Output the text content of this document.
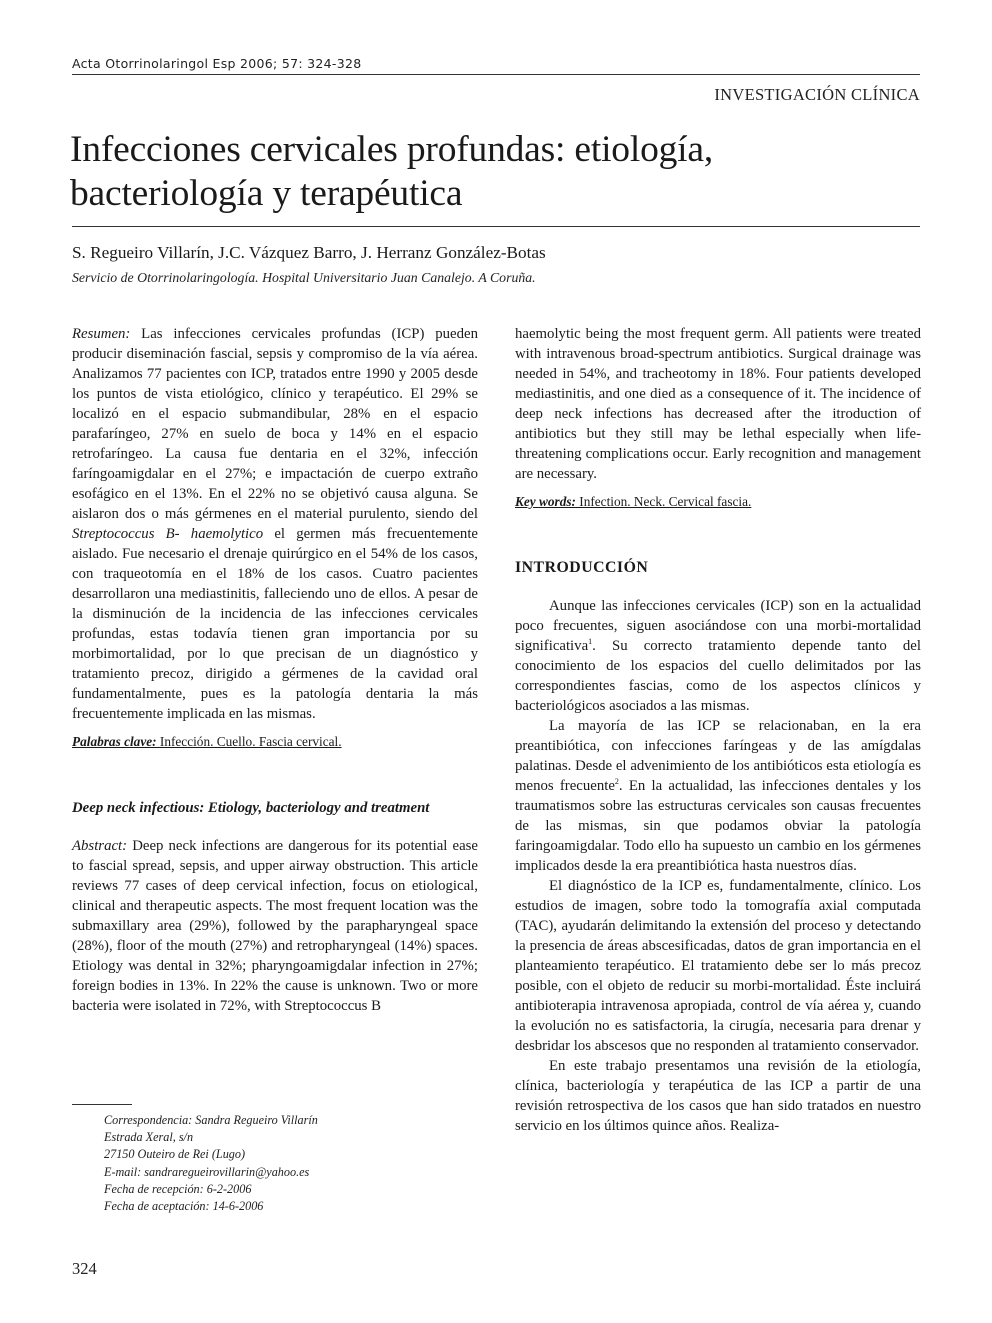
Acta Otorrinolaringol Esp 2006; 57: 324-328
INVESTIGACIÓN CLÍNICA
Infecciones cervicales profundas: etiología,
bacteriología y terapéutica
S. Regueiro Villarín, J.C. Vázquez Barro, J. Herranz González-Botas
Servicio de Otorrinolaringología. Hospital Universitario Juan Canalejo. A Coruña.

Resumen: Las infecciones cervicales profundas (ICP) pueden producir diseminación fascial, sepsis y compromiso de la vía aérea. Analizamos 77 pacientes con ICP, tratados entre 1990 y 2005 desde los puntos de vista etiológico, clínico y terapéutico. El 29% se localizó en el espacio submandibular, 28% en el espacio parafaríngeo, 27% en suelo de boca y 14% en el espacio retrofaríngeo. La causa fue dentaria en el 32%, infección faríngoamigdalar en el 27%; e impactación de cuerpo extraño esofágico en el 13%. En el 22% no se objetivó causa alguna. Se aislaron dos o más gérmenes en el material purulento, siendo del Streptococcus B- haemolytico el germen más frecuentemente aislado. Fue necesario el drenaje quirúrgico en el 54% de los casos, con traqueotomía en el 18% de los casos. Cuatro pacientes desarrollaron una mediastinitis, falleciendo uno de ellos. A pesar de la disminución de la incidencia de las infecciones cervicales profundas, estas todavía tienen gran importancia por su morbimortalidad, por lo que precisan de un diagnóstico y tratamiento precoz, dirigido a gérmenes de la cavidad oral fundamentalmente, pues es la patología dentaria la más frecuentemente implicada en las mismas.

Palabras clave: Infección. Cuello. Fascia cervical.

Deep neck infectious: Etiology, bacteriology and treatment

Abstract: Deep neck infections are dangerous for its potential ease to fascial spread, sepsis, and upper airway obstruction. This article reviews 77 cases of deep cervical infection, focus on etiological, clinical and therapeutic aspects. The most frequent location was the submaxillary area (29%), followed by the parapharyngeal space (28%), floor of the mouth (27%) and retropharyngeal (14%) spaces. Etiology was dental in 32%; pharyngoamigdalar infection in 27%; foreign bodies in 13%. In 22% the cause is unknown. Two or more bacteria were isolated in 72%, with Streptococcus B

haemolytic being the most frequent germ. All patients were treated with intravenous broad-spectrum antibiotics. Surgical drainage was needed in 54%, and tracheotomy in 18%. Four patients developed mediastinitis, and one died as a consequence of it. The incidence of deep neck infections has decreased after the itroduction of antibiotics but they still may be lethal especially when life-threatening complications occur. Early recognition and management are necessary.

Key words: Infection. Neck. Cervical fascia.

INTRODUCCIÓN

Aunque las infecciones cervicales (ICP) son en la actualidad poco frecuentes, siguen asociándose con una morbi-mortalidad significativa$^1$. Su correcto tratamiento depende tanto del conocimiento de los espacios del cuello delimitados por las correspondientes fascias, como de los aspectos clínicos y bacteriológicos asociados a las mismas.

La mayoría de las ICP se relacionaban, en la era preantibiótica, con infecciones faríngeas y de las amígdalas palatinas. Desde el advenimiento de los antibióticos esta etiología es menos frecuente$^2$. En la actualidad, las infecciones dentales y los traumatismos sobre las estructuras cervicales son causas frecuentes de las mismas, sin que podamos obviar la patología faringoamigdalar. Todo ello ha supuesto un cambio en los gérmenes implicados desde la era preantibiótica hasta nuestros días.

El diagnóstico de la ICP es, fundamentalmente, clínico. Los estudios de imagen, sobre todo la tomografía axial computada (TAC), ayudarán delimitando la extensión del proceso y detectando la presencia de áreas abscesificadas, datos de gran importancia en el planteamiento terapéutico. El tratamiento debe ser lo más precoz posible, con el objeto de reducir su morbi-mortalidad. Éste incluirá antibioterapia intravenosa apropiada, control de vía aérea y, cuando la evolución no es satisfactoria, la cirugía, necesaria para drenar y desbridar los abscesos que no responden al tratamiento conservador.

En este trabajo presentamos una revisión de la etiología, clínica, bacteriología y terapéutica de las ICP a partir de una revisión retrospectiva de los casos que han sido tratados en nuestro servicio en los últimos quince años. Realiza-

Correspondencia: Sandra Regueiro Villarín
Estrada Xeral, s/n
27150 Outeiro de Rei (Lugo)
E-mail: sandraregueirovillarin@yahoo.es
Fecha de recepción: 6-2-2006
Fecha de aceptación: 14-6-2006
324
